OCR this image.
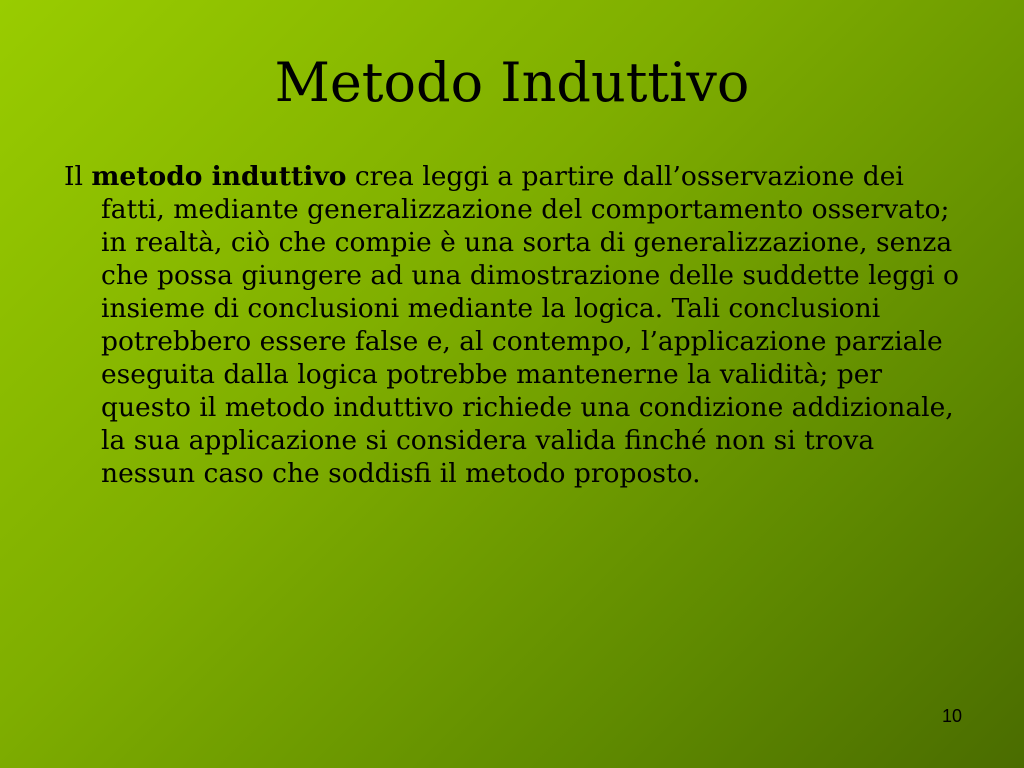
Metodo Induttivo
Il metodo induttivo crea leggi a partire dall’osservazione dei fatti, mediante generalizzazione del comportamento osservato; in realtà, ciò che compie è una sorta di generalizzazione, senza che possa giungere ad una dimostrazione delle suddette leggi o insieme di conclusioni mediante la logica. Tali conclusioni potrebbero essere false e, al contempo, l’applicazione parziale eseguita dalla logica potrebbe mantenerne la validità; per questo il metodo induttivo richiede una condizione addizionale, la sua applicazione si considera valida finché non si trova nessun caso che soddisfi il metodo proposto.
10
